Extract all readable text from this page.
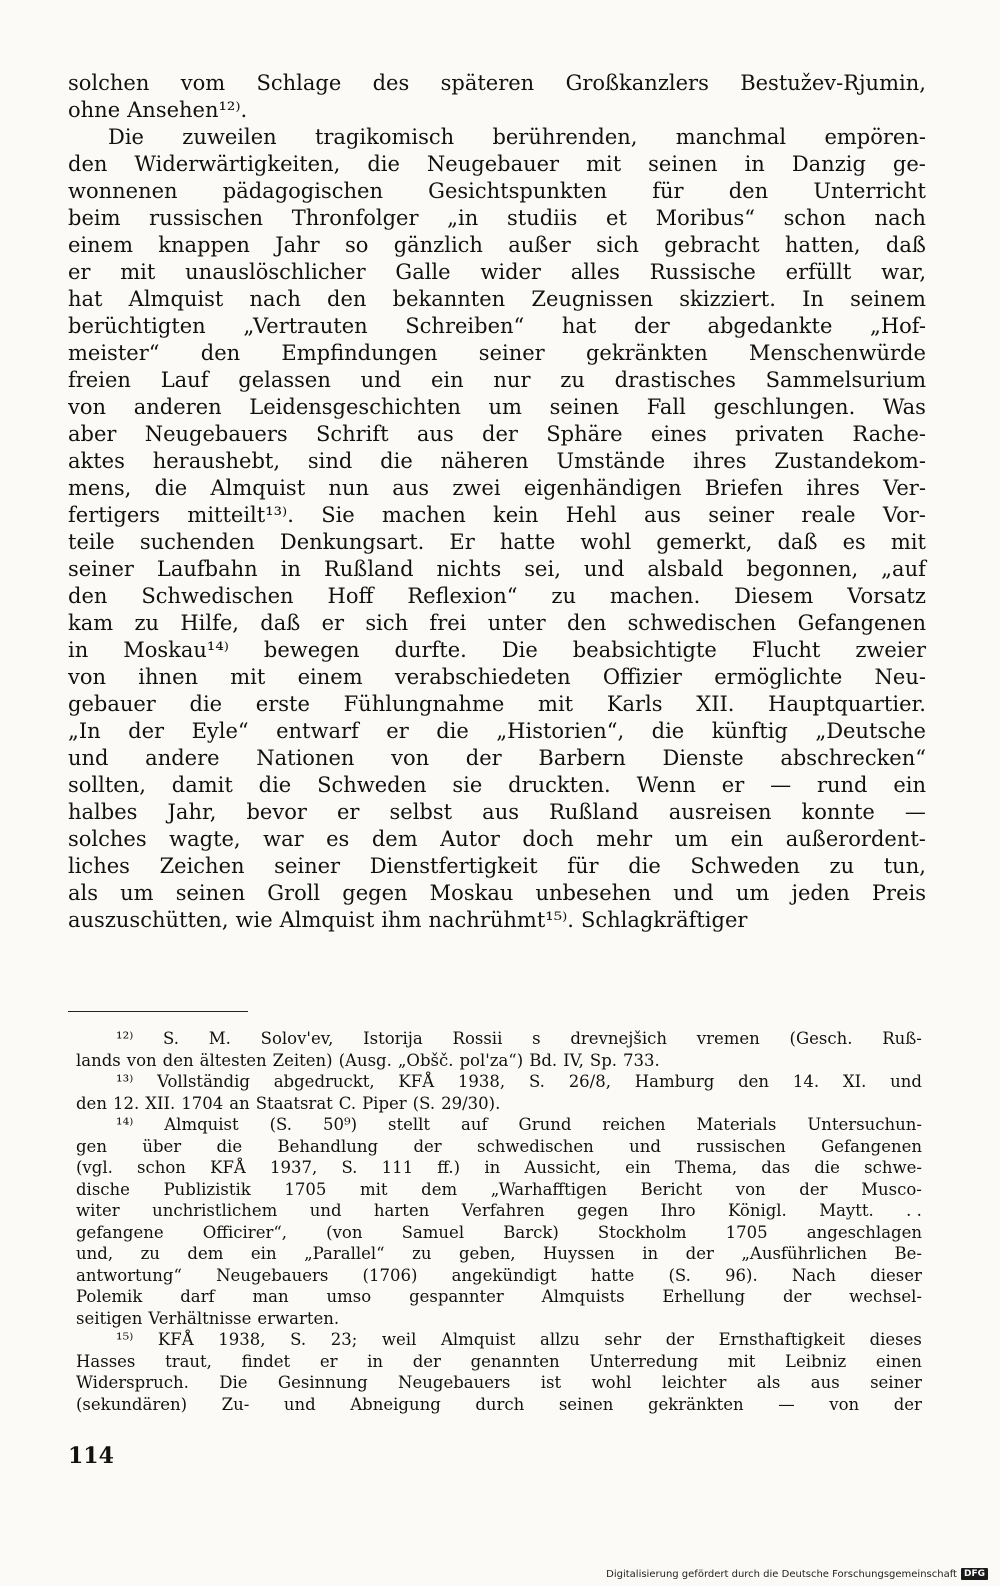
solchen vom Schlage des späteren Großkanzlers Bestužev-Rjumin,
ohne Ansehen¹²⁾.
Die zuweilen tragikomisch berührenden, manchmal empören-
den Widerwärtigkeiten, die Neugebauer mit seinen in Danzig ge-
wonnenen pädagogischen Gesichtspunkten für den Unterricht
beim russischen Thronfolger „in studiis et Moribus“ schon nach
einem knappen Jahr so gänzlich außer sich gebracht hatten, daß
er mit unauslöschlicher Galle wider alles Russische erfüllt war,
hat Almquist nach den bekannten Zeugnissen skizziert. In seinem
berüchtigten „Vertrauten Schreiben“ hat der abgedankte „Hof-
meister“ den Empfindungen seiner gekränkten Menschenwürde
freien Lauf gelassen und ein nur zu drastisches Sammelsurium
von anderen Leidensgeschichten um seinen Fall geschlungen. Was
aber Neugebauers Schrift aus der Sphäre eines privaten Rache-
aktes heraushebt, sind die näheren Umstände ihres Zustandekom-
mens, die Almquist nun aus zwei eigenhändigen Briefen ihres Ver-
fertigers mitteilt¹³⁾. Sie machen kein Hehl aus seiner reale Vor-
teile suchenden Denkungsart. Er hatte wohl gemerkt, daß es mit
seiner Laufbahn in Rußland nichts sei, und alsbald begonnen, „auf
den Schwedischen Hoff Reflexion“ zu machen. Diesem Vorsatz
kam zu Hilfe, daß er sich frei unter den schwedischen Gefangenen
in Moskau¹⁴⁾ bewegen durfte. Die beabsichtigte Flucht zweier
von ihnen mit einem verabschiedeten Offizier ermöglichte Neu-
gebauer die erste Fühlungnahme mit Karls XII. Hauptquartier.
„In der Eyle“ entwarf er die „Historien“, die künftig „Deutsche
und andere Nationen von der Barbern Dienste abschrecken“
sollten, damit die Schweden sie druckten. Wenn er — rund ein
halbes Jahr, bevor er selbst aus Rußland ausreisen konnte —
solches wagte, war es dem Autor doch mehr um ein außerordent-
liches Zeichen seiner Dienstfertigkeit für die Schweden zu tun,
als um seinen Groll gegen Moskau unbesehen und um jeden Preis
auszuschütten, wie Almquist ihm nachrühmt¹⁵⁾. Schlagkräftiger
¹²⁾ S. M. Solov'ev, Istorija Rossii s drevnejšich vremen (Gesch. Ruß-
lands von den ältesten Zeiten) (Ausg. „Obšč. pol'za“) Bd. IV, Sp. 733.
¹³⁾ Vollständig abgedruckt, KFÅ 1938, S. 26/8, Hamburg den 14. XI. und
den 12. XII. 1704 an Staatsrat C. Piper (S. 29/30).
¹⁴⁾ Almquist (S. 50⁹) stellt auf Grund reichen Materials Untersuchun-
gen über die Behandlung der schwedischen und russischen Gefangenen
(vgl. schon KFÅ 1937, S. 111 ff.) in Aussicht, ein Thema, das die schwe-
dische Publizistik 1705 mit dem „Warhafftigen Bericht von der Musco-
witer unchristlichem und harten Verfahren gegen Ihro Königl. Maytt. . .
gefangene Officirer“, (von Samuel Barck) Stockholm 1705 angeschlagen
und, zu dem ein „Parallel“ zu geben, Huyssen in der „Ausführlichen Be-
antwortung“ Neugebauers (1706) angekündigt hatte (S. 96). Nach dieser
Polemik darf man umso gespannter Almquists Erhellung der wechsel-
seitigen Verhältnisse erwarten.
¹⁵⁾ KFÅ 1938, S. 23; weil Almquist allzu sehr der Ernsthaftigkeit dieses
Hasses traut, findet er in der genannten Unterredung mit Leibniz einen
Widerspruch. Die Gesinnung Neugebauers ist wohl leichter als aus seiner
(sekundären) Zu- und Abneigung durch seinen gekränkten — von der
114
Digitalisierung gefördert durch die Deutsche Forschungsgemeinschaft DFG
